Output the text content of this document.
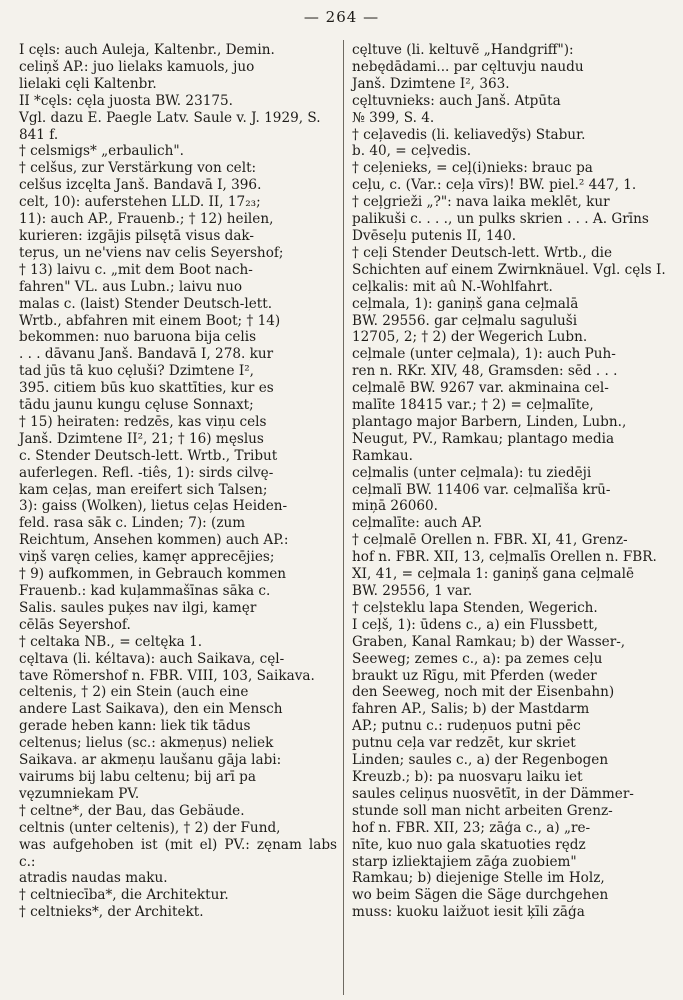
— 264 —

I cęls: auch Auleja, Kaltenbr., Demin.

celiņš AP.: juo lielaks kamuols, juo

lielaki cęli Kaltenbr.

II *cęls: cęla juosta BW. 23175.

Vgl. dazu E. Paegle Latv. Saule v. J. 1929, S.

841 f.

† celsmigs* „erbaulich".

† celšus, zur Verstärkung von celt:

celšus izcęlta Janš. Bandavā I, 396.

celt, 10): auferstehen LLD. II, 17₂₃;

11): auch AP., Frauenb.; † 12) heilen,

kurieren: izgājis pilsętā visus dak-

teŗus, un ne'viens nav celis Seyershof;

† 13) laivu c. „mit dem Boot nach-

fahren" VL. aus Lubn.; laivu nuo

malas c. (laist) Stender Deutsch-lett.

Wrtb., abfahren mit einem Boot; † 14)

bekommen: nuo baruona bija celis

. . . dāvanu Janš. Bandavā I, 278. kur

tad jūs tā kuo cęluši? Dzimtene I²,

395. citiem būs kuo skattīties, kur es

tādu jaunu kungu cęluse Sonnaxt;

† 15) heiraten: redzēs, kas viņu cels

Janš. Dzimtene II², 21; † 16) męslus

c. Stender Deutsch-lett. Wrtb., Tribut

auferlegen. Refl. -tiês, 1): sirds cilvę-

kam ceļas, man ereifert sich Talsen;

3): gaiss (Wolken), lietus ceļas Heiden-

feld. rasa sāk c. Linden; 7): (zum

Reichtum, Ansehen kommen) auch AP.:

viņš varęn celies, kamęr apprecējies;

† 9) aufkommen, in Gebrauch kommen

Frauenb.: kad kuļammašīnas sāka c.

Salis. saules puķes nav ilgi, kamęr

cēlās Seyershof.

† celtaka NB., = celtęka 1.

cęltava (li. kéltava): auch Saikava, cęl-

tave Römershof n. FBR. VIII, 103, Saikava.

celtenis, † 2) ein Stein (auch eine

andere Last Saikava), den ein Mensch

gerade heben kann: liek tik tādus

celtenus; lielus (sc.: akmeņus) neliek

Saikava. ar akmeņu laušanu gāja labi:

vairums bij labu celtenu; bij arī pa

vęzumniekam PV.

† celtne*, der Bau, das Gebäude.

celtnis (unter celtenis), † 2) der Fund,

was aufgehoben ist (mit el) PV.: zęnam labs c.:

atradis naudas maku.

† celtniecība*, die Architektur.

† celtnieks*, der Architekt.

cęltuve (li. keltuvẽ „Handgriff"):

nebędādami... par cęltuvju naudu

Janš. Dzimtene I², 363.

cęltuvnieks: auch Janš. Atpūta

№ 399, S. 4.

† ceļavedis (li. keliavedỹs) Stabur.

b. 40, = ceļvedis.

† ceļenieks, = ceļ(i)nieks: brauc pa

ceļu, c. (Var.: ceļa vīrs)! BW. piel.² 447, 1.

† ceļgrieži „?": nava laika meklēt, kur

palikuši c. . . ., un pulks skrien . . . A. Grīns

Dvēseļu putenis II, 140.

† ceļi Stender Deutsch-lett. Wrtb., die

Schichten auf einem Zwirnknäuel. Vgl. cęls I.

ceļkalis: mit aû N.-Wohlfahrt.

ceļmala, 1): ganiņš gana ceļmalā

BW. 29556. gar ceļmalu saguluši

12705, 2; † 2) der Wegerich Lubn.

ceļmale (unter ceļmala), 1): auch Puh-

ren n. RKr. XIV, 48, Gramsden: sēd . . .

ceļmalē BW. 9267 var. akminaina cel-

malīte 18415 var.; † 2) = ceļmalīte,

plantago major Barbern, Linden, Lubn.,

Neugut, PV., Ramkau; plantago media

Ramkau.

ceļmalis (unter ceļmala): tu ziedēji

ceļmalī BW. 11406 var. ceļmalīša krū-

miņā 26060.

ceļmalīte: auch AP.

† ceļmalē Orellen n. FBR. XI, 41, Grenz-

hof n. FBR. XII, 13, ceļmalīs Orellen n. FBR.

XI, 41, = ceļmala 1: ganiņš gana ceļmalē

BW. 29556, 1 var.

† ceļsteklu lapa Stenden, Wegerich.

I ceļš, 1): ūdens c., a) ein Flussbett,

Graben, Kanal Ramkau; b) der Wasser-,

Seeweg; zemes c., a): pa zemes ceļu

braukt uz Rīgu, mit Pferden (weder

den Seeweg, noch mit der Eisenbahn)

fahren AP., Salis; b) der Mastdarm

AP.; putnu c.: rudeņuos putni pēc

putnu ceļa var redzēt, kur skriet

Linden; saules c., a) der Regenbogen

Kreuzb.; b): pa nuosvaŗu laiku iet

saules celiņus nuosvētīt, in der Dämmer-

stunde soll man nicht arbeiten Grenz-

hof n. FBR. XII, 23; zāģa c., a) „re-

nīte, kuo nuo gala skatuoties rędz

starp izliektajiem zāģa zuobiem"

Ramkau; b) diejenige Stelle im Holz,

wo beim Sägen die Säge durchgehen

muss: kuoku laižuot iesit ķīli zāģa
